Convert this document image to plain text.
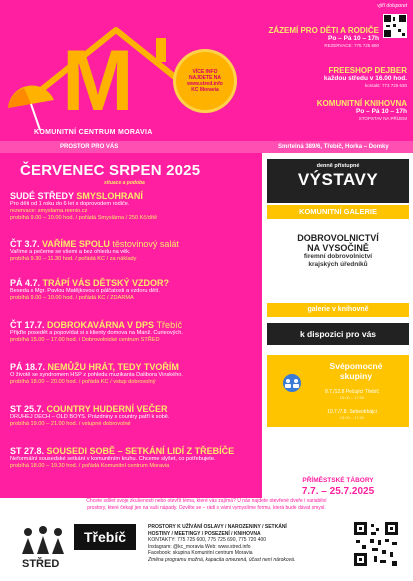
M
KOMUNITNÍ CENTRUM MORAVIA
VÍCE INFO
NAJDETE NA
www.stred.info
KC Moravia
vjiří dolsporet
ZÁZEMÍ PRO DĚTI A RODIČE
Po – Pá 10 – 17h
REZERVACE: 775 725 690
FREESHOP DEJBER
každou středu v 16.00 hod.
kontakt: 773 725 630
KOMUNITNÍ KNIHOVNA
Po – Pá 10 – 17h
STOPSTAV NA PŘÍJEM
PROSTOR PRO VÁS	Smrtelná 389/6, Třebíč, Horka – Domky
ČERVENEC SRPEN 2025
situace a podoba
SUDÉ STŘEDY SMYSLOHRANÍ
Pro děti od 1 roku do 6 let s doprovodem rodiče.
rezervace: smyslarna.reenio.cz
probíhá 9.00 – 10.00 hod. / pořádá Smyslárna / 250 Kč/dítě
ČT 3.7. VAŘÍME SPOLU těstovinový salát
Vaříme a pečeme se všemi a bez ohledu na věk.
probíhá 9.30 – 11.30 hod. / pořádá KC / za náklady
PÁ 4.7. TRÁPÍ VÁS DĚTSKÝ VZDOR?
Beseda s Mgr. Pavlou Matějkovou o pálčatosti a vzdoru dětí.
probíhá 9.00 – 10.00 hod. / pořádá KC / ZDARMA
ČT 17.7. DOBROKAVÁRNA V DPS Třebíč
Přijďte posedět a popovídat si s klienty domova na Manž. Curieových.
probíhá 15.00 – 17.00 hod. / Dobrovolnické centrum STŘED
PÁ 18.7. NEMŮŽU HRÁT, TEDY TVOŘÍM
O životě se syndromem HSP z pohledu muzikanta Dalibora Vinského.
probíhá 18.00 – 20.00 hod. / pořádá KC / vstup dobrovolný
ST 25.7. COUNTRY HUDERNÍ VEČER
DRUHEJ DECH – OLD BOYS. Prázdniny s country patří k sobě.
probíhá 19.00 – 21.00 hod. / vstupné dobrovolné
ST 27.8. SOUSEDI SOBĚ – SETKÁNÍ LIDÍ Z TŘEBÍČE
Neformální sousedské setkání v komunitním kruhu. Chceme slyšet, co potřebujete.
probíhá 18.00 – 19.30 hod. / pořádá Komunitní centrum Moravia
denně přístupné
VÝSTAVY
KOMUNITNÍ GALERIE
DOBROVOLNICTVÍ
NA VYSOČINĚ
firemní dobrovolnictví
krajských úředníků
galerie v knihovně
k dispozici pro vás
Svépomocné
skupiny
8.7./12.8 Pečující Třebíč
15:00 – 17:00
10.7./7.8. Sebeobhájci
15:00 – 17:00
PŘÍMĚSTSKÉ TÁBORY
7.7. – 25.7.2025
Chcete sdílet svoje zkušenosti nebo otevřít téma, které vás zajímá? U nás najdete otevřené dveře i variabilní
prostory, které čekají jen na vaši nápady. Ozvěte se – rádi s vámi vymyslíme formu, která bude dávat smysl.
STŘED
Třebíč
PROSTORY K UŽÍVÁNÍ OSLAVY / NAROZENINY / SETKÁNÍ
HOSTINY / MEETINGY / POSEZENÍ / KNIHOVNA
KONTAKTY: 775 725 600, 775 725 690, 775 720 400
Instagram: @kc_moravia Web: www.stred.info
Facebook: skupina Komunitní centrum Moravia
Změna programu možná, kapacita omezená, účast není nároková.
